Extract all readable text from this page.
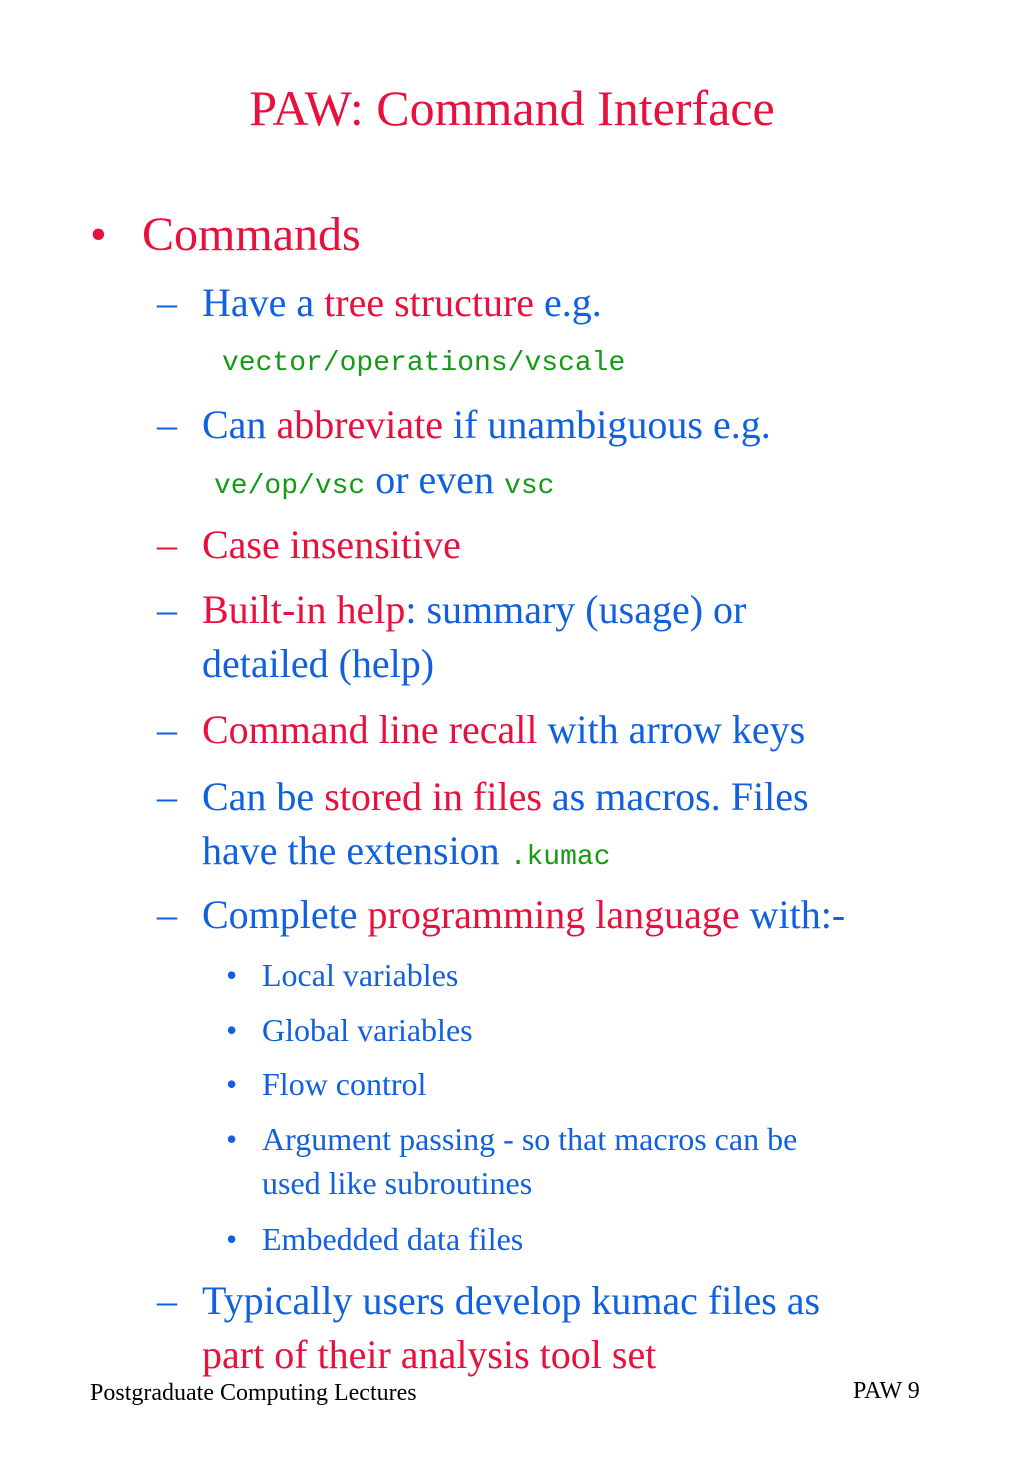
PAW: Command Interface
• Commands
– Have a tree structure e.g.
vector/operations/vscale
– Can abbreviate if unambiguous e.g.
ve/op/vsc or even vsc
– Case insensitive
– Built-in help: summary (usage) or
detailed (help)
– Command line recall with arrow keys
– Can be stored in files as macros. Files
have the extension .kumac
– Complete programming language with:-
• Local variables
• Global variables
• Flow control
• Argument passing - so that macros can be
used like subroutines
• Embedded data files
– Typically users develop kumac files as
part of their analysis tool set
Postgraduate Computing Lectures	PAW 9
